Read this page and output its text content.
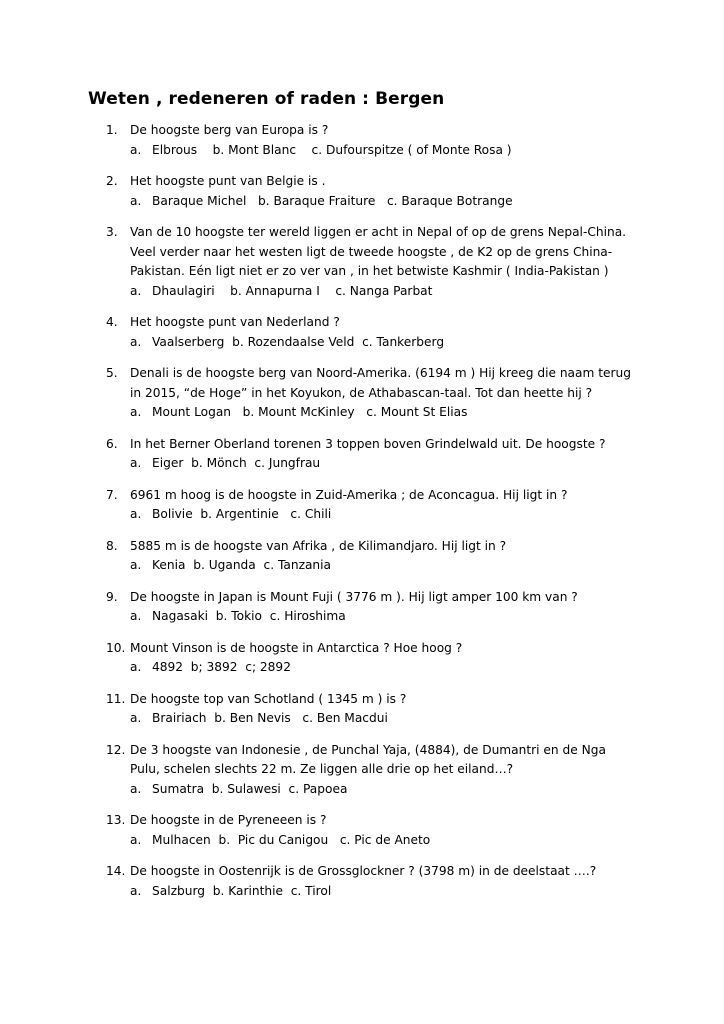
Weten , redeneren of raden : Bergen
1. De hoogste berg van Europa is ?
a. Elbrous    b. Mont Blanc    c. Dufourspitze ( of Monte Rosa )
2. Het hoogste punt van Belgie is .
a. Baraque Michel   b. Baraque Fraiture   c. Baraque Botrange
3. Van de 10 hoogste ter wereld liggen er acht in Nepal of op de grens Nepal-China.
Veel verder naar het westen ligt de tweede hoogste , de K2 op de grens China-
Pakistan. Eén ligt niet er zo ver van , in het betwiste Kashmir ( India-Pakistan )
a. Dhaulagiri    b. Annapurna I    c. Nanga Parbat
4. Het hoogste punt van Nederland ?
a. Vaalserberg  b. Rozendaalse Veld  c. Tankerberg
5. Denali is de hoogste berg van Noord-Amerika. (6194 m ) Hij kreeg die naam terug
in 2015, “de Hoge” in het Koyukon, de Athabascan-taal. Tot dan heette hij ?
a. Mount Logan   b. Mount McKinley   c. Mount St Elias
6. In het Berner Oberland torenen 3 toppen boven Grindelwald uit. De hoogste ?
a. Eiger  b. Mönch  c. Jungfrau
7. 6961 m hoog is de hoogste in Zuid-Amerika ; de Aconcagua. Hij ligt in ?
a. Bolivie  b. Argentinie   c. Chili
8. 5885 m is de hoogste van Afrika , de Kilimandjaro. Hij ligt in ?
a. Kenia  b. Uganda  c. Tanzania
9. De hoogste in Japan is Mount Fuji ( 3776 m ). Hij ligt amper 100 km van ?
a. Nagasaki  b. Tokio  c. Hiroshima
10. Mount Vinson is de hoogste in Antarctica ? Hoe hoog ?
a. 4892  b; 3892  c; 2892
11. De hoogste top van Schotland ( 1345 m ) is ?
a. Brairiach  b. Ben Nevis   c. Ben Macdui
12. De 3 hoogste van Indonesie , de Punchal Yaja, (4884), de Dumantri en de Nga
Pulu, schelen slechts 22 m. Ze liggen alle drie op het eiland…?
a. Sumatra  b. Sulawesi  c. Papoea
13. De hoogste in de Pyreneeen is ?
a. Mulhacen  b.  Pic du Canigou   c. Pic de Aneto
14. De hoogste in Oostenrijk is de Grossglockner ? (3798 m) in de deelstaat ….?
a. Salzburg  b. Karinthie  c. Tirol
